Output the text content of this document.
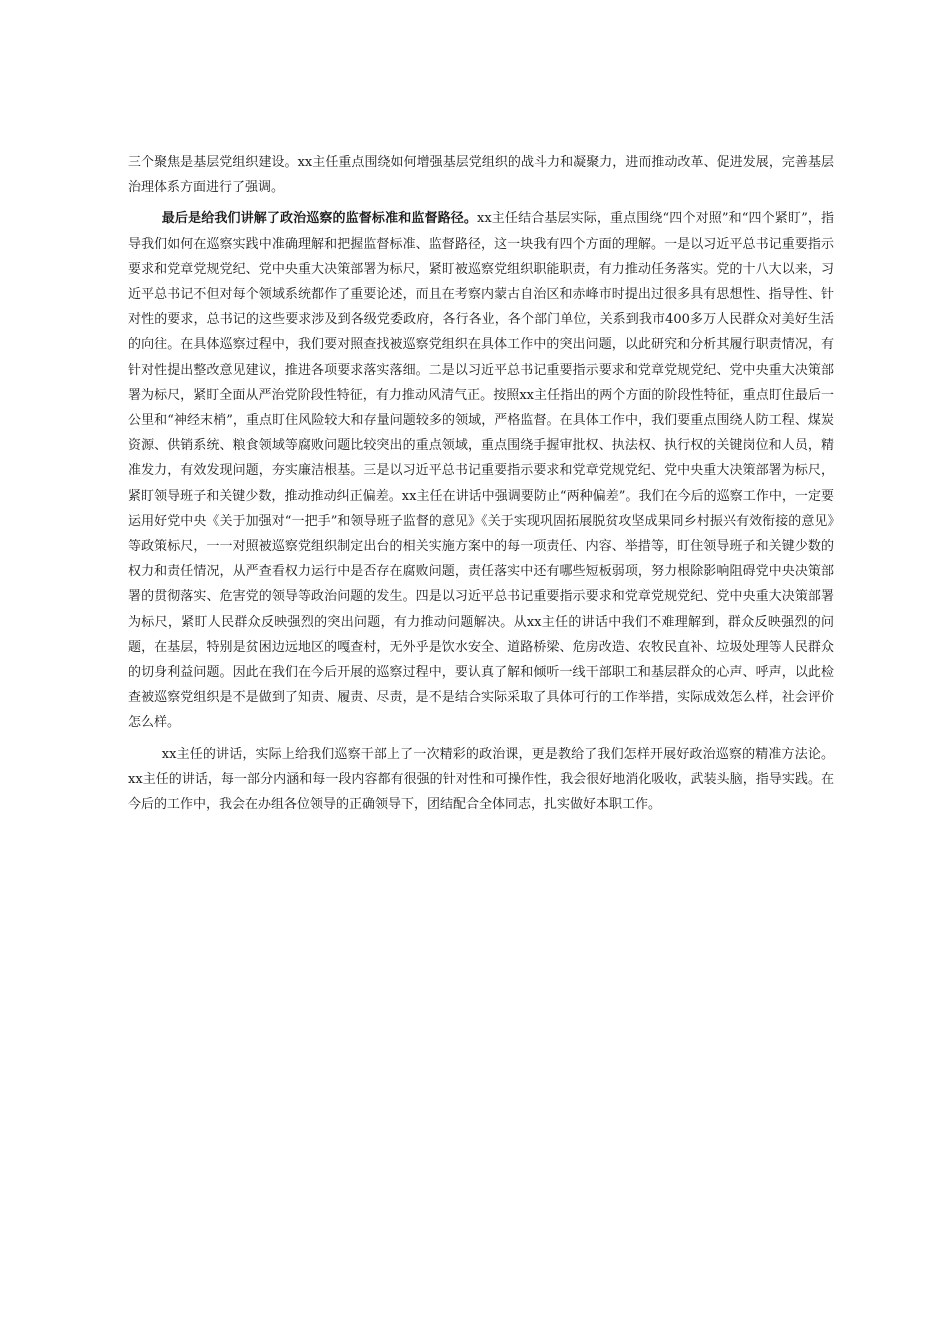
三个聚焦是基层党组织建设。xx主任重点围绕如何增强基层党组织的战斗力和凝聚力，进而推动改革、促进发展，完善基层治理体系方面进行了强调。

最后是给我们讲解了政治巡察的监督标准和监督路径。xx主任结合基层实际，重点围绕“四个对照”和“四个紧盯”，指导我们如何在巡察实践中准确理解和把握监督标准、监督路径，这一块我有四个方面的理解。一是以习近平总书记重要指示要求和党章党规党纪、党中央重大决策部署为标尺，紧盯被巡察党组织职能职责，有力推动任务落实。党的十八大以来，习近平总书记不但对每个领域系统都作了重要论述，而且在考察内蒙古自治区和赤峰市时提出过很多具有思想性、指导性、针对性的要求，总书记的这些要求涉及到各级党委政府，各行各业，各个部门单位，关系到我市400多万人民群众对美好生活的向往。在具体巡察过程中，我们要对照查找被巡察党组织在具体工作中的突出问题，以此研究和分析其履行职责情况，有针对性提出整改意见建议，推进各项要求落实落细。二是以习近平总书记重要指示要求和党章党规党纪、党中央重大决策部署为标尺，紧盯全面从严治党阶段性特征，有力推动风清气正。按照xx主任指出的两个方面的阶段性特征，重点盯住最后一公里和“神经末梢”，重点盯住风险较大和存量问题较多的领域，严格监督。在具体工作中，我们要重点围绕人防工程、煤炭资源、供销系统、粮食领域等腐败问题比较突出的重点领域，重点围绕手握审批权、执法权、执行权的关键岗位和人员，精准发力，有效发现问题，夯实廉洁根基。三是以习近平总书记重要指示要求和党章党规党纪、党中央重大决策部署为标尺，紧盯领导班子和关键少数，推动推动纠正偏差。xx主任在讲话中强调要防止“两种偏差”。我们在今后的巡察工作中，一定要运用好党中央《关于加强对“一把手”和领导班子监督的意见》《关于实现巩固拓展脱贫攻坚成果同乡村振兴有效衔接的意见》等政策标尺，一一对照被巡察党组织制定出台的相关实施方案中的每一项责任、内容、举措等，盯住领导班子和关键少数的权力和责任情况，从严查看权力运行中是否存在腐败问题，责任落实中还有哪些短板弱项，努力根除影响阻碍党中央决策部署的贯彻落实、危害党的领导等政治问题的发生。四是以习近平总书记重要指示要求和党章党规党纪、党中央重大决策部署为标尺，紧盯人民群众反映强烈的突出问题，有力推动问题解决。从xx主任的讲话中我们不难理解到，群众反映强烈的问题，在基层，特别是贫困边远地区的嘎查村，无外乎是饮水安全、道路桥梁、危房改造、农牧民直补、垃圾处理等人民群众的切身利益问题。因此在我们在今后开展的巡察过程中，要认真了解和倾听一线干部职工和基层群众的心声、呼声，以此检查被巡察党组织是不是做到了知责、履责、尽责，是不是结合实际采取了具体可行的工作举措，实际成效怎么样，社会评价怎么样。

xx主任的讲话，实际上给我们巡察干部上了一次精彩的政治课，更是教给了我们怎样开展好政治巡察的精准方法论。xx主任的讲话，每一部分内涵和每一段内容都有很强的针对性和可操作性，我会很好地消化吸收，武装头脑，指导实践。在今后的工作中，我会在办组各位领导的正确领导下，团结配合全体同志，扎实做好本职工作。
